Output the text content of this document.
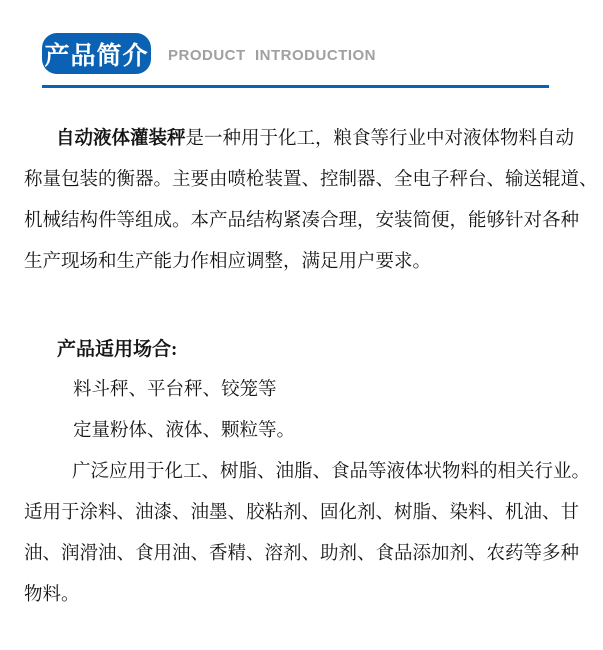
产品简介 PRODUCT  INTRODUCTION
自动液体灌装秤是一种用于化工，粮食等行业中对液体物料自动
称量包装的衡器。主要由喷枪装置、控制器、全电子秤台、输送辊道、
机械结构件等组成。本产品结构紧凑合理，安装简便，能够针对各种
生产现场和生产能力作相应调整，满足用户要求。
产品适用场合:
料斗秤、平台秤、铰笼等
定量粉体、液体、颗粒等。
广泛应用于化工、树脂、油脂、食品等液体状物料的相关行业。
适用于涂料、油漆、油墨、胶粘剂、固化剂、树脂、染料、机油、甘
油、润滑油、食用油、香精、溶剂、助剂、食品添加剂、农药等多种
物料。
